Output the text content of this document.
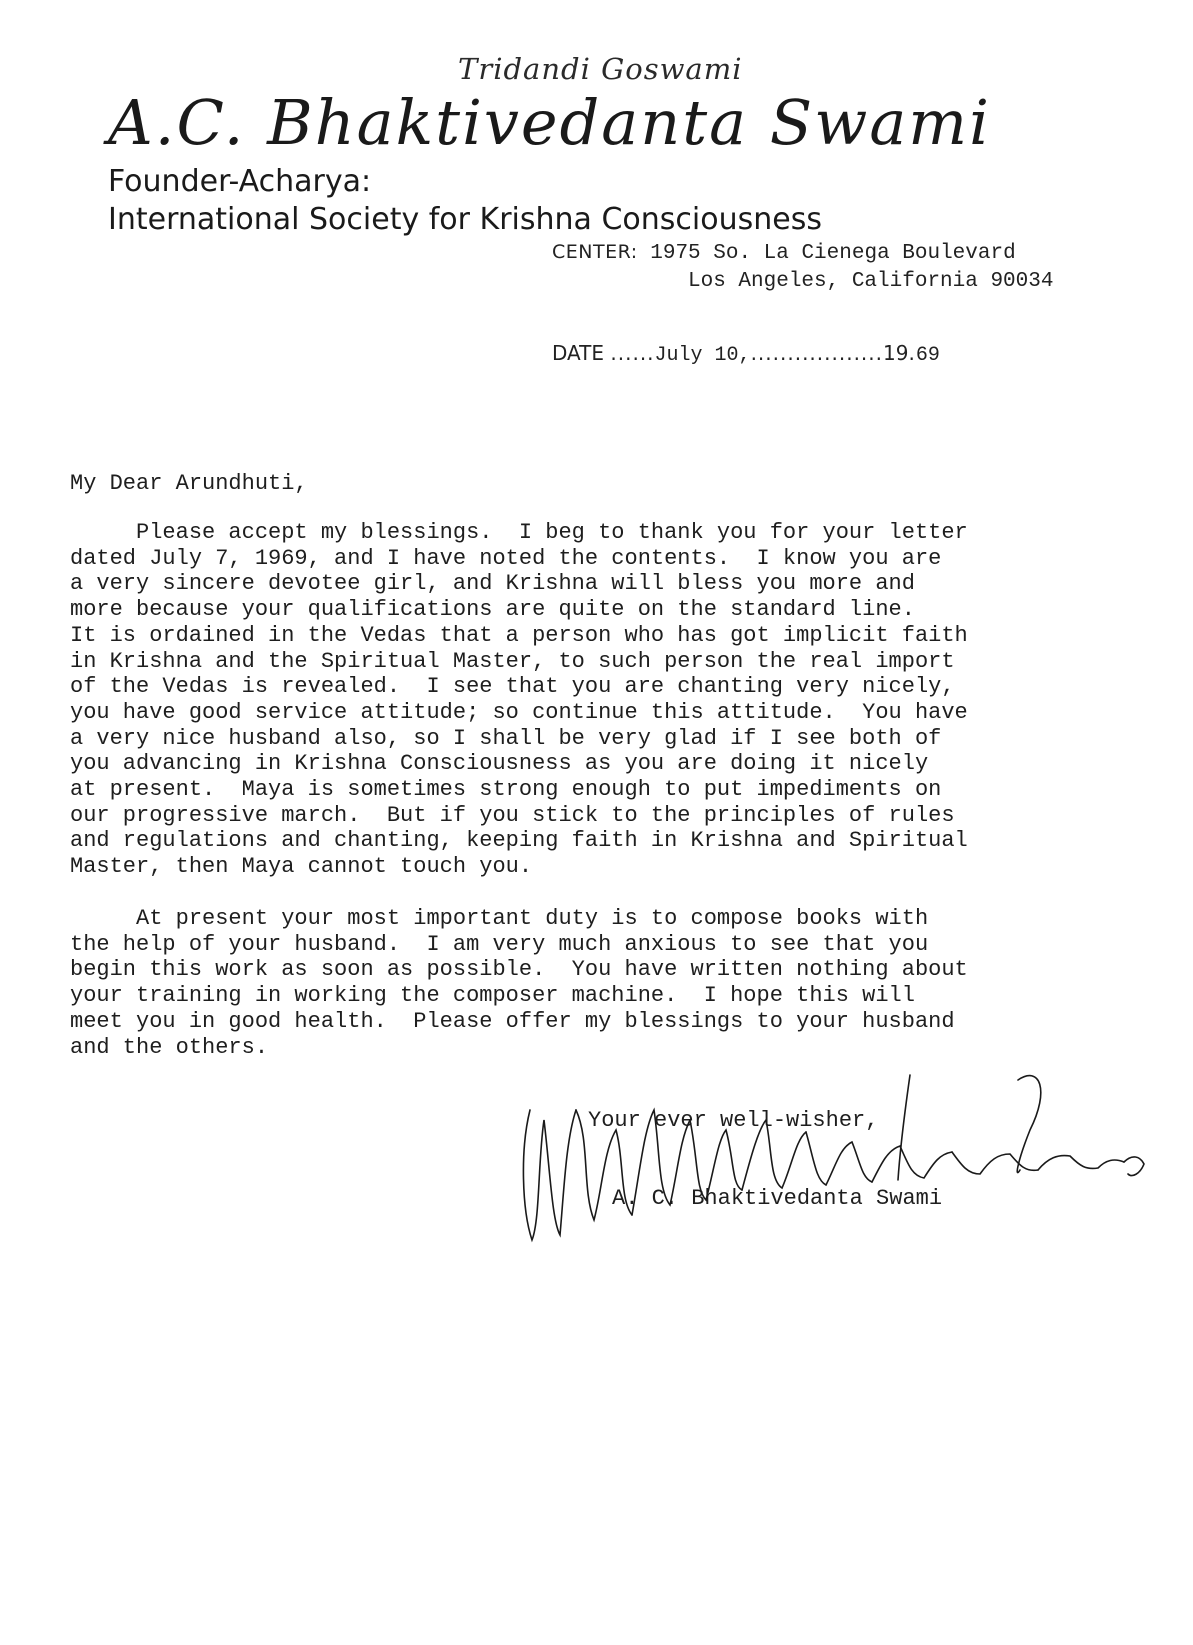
Tridandi Goswami
A.C. Bhaktivedanta Swami
Founder-Acharya:
International Society for Krishna Consciousness
CENTER: 1975 So. La Cienega Boulevard
Los Angeles, California 90034
DATE ......July 10,..................19.69
My Dear Arundhuti,
Please accept my blessings.  I beg to thank you for your letter
dated July 7, 1969, and I have noted the contents.  I know you are
a very sincere devotee girl, and Krishna will bless you more and
more because your qualifications are quite on the standard line.
It is ordained in the Vedas that a person who has got implicit faith
in Krishna and the Spiritual Master, to such person the real import
of the Vedas is revealed.  I see that you are chanting very nicely,
you have good service attitude; so continue this attitude.  You have
a very nice husband also, so I shall be very glad if I see both of
you advancing in Krishna Consciousness as you are doing it nicely
at present.  Maya is sometimes strong enough to put impediments on
our progressive march.  But if you stick to the principles of rules
and regulations and chanting, keeping faith in Krishna and Spiritual
Master, then Maya cannot touch you.
At present your most important duty is to compose books with
the help of your husband.  I am very much anxious to see that you
begin this work as soon as possible.  You have written nothing about
your training in working the composer machine.  I hope this will
meet you in good health.  Please offer my blessings to your husband
and the others.
Your ever well-wisher,
A. C. Bhaktivedanta Swami
